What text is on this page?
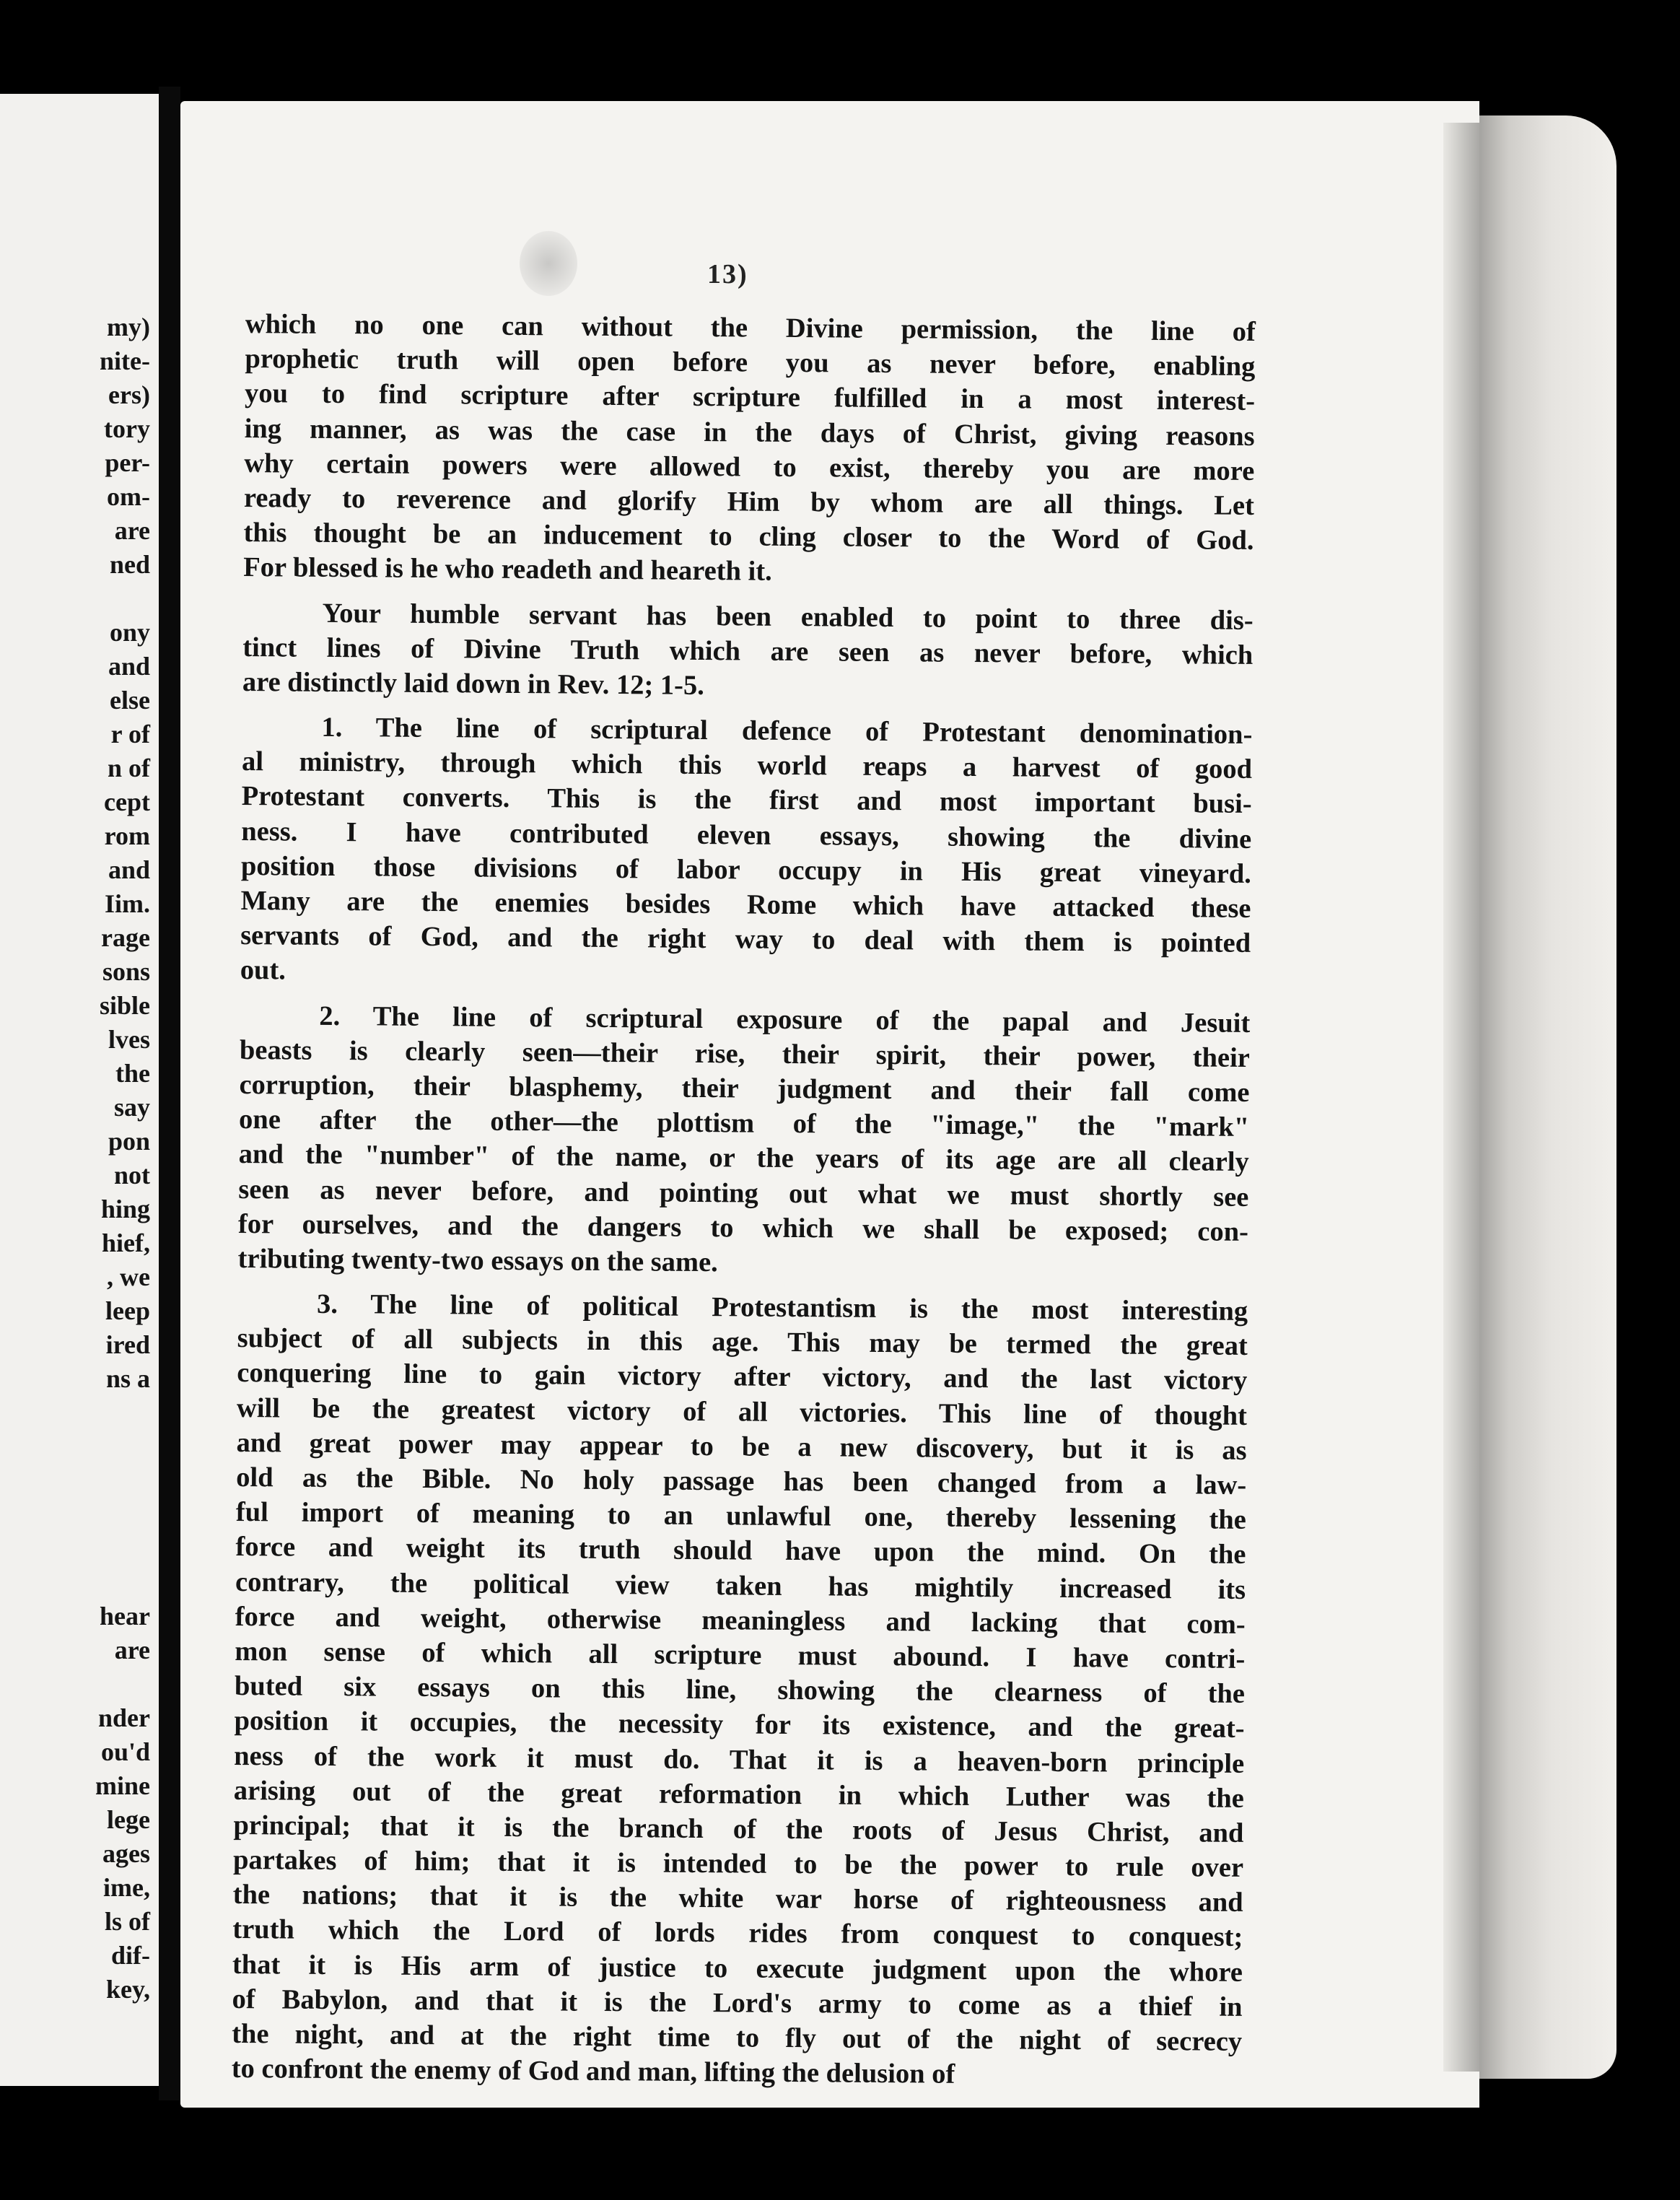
my)
nite-
ers)
tory
per-
om-
are
ned
ony
and
else
r of
n of
cept
rom
and
Iim.
rage
sons
sible
lves
the
say
pon
not
hing
hief,
, we
leep
ired
ns a
hear
are
nder
ou'd
mine
lege
ages
ime,
ls of
dif-
key,
13)
which no one can without the Divine permission, the line of
prophetic truth will open before you as never before, enabling
you to find scripture after scripture fulfilled in a most interest-
ing manner, as was the case in the days of Christ, giving reasons
why certain powers were allowed to exist, thereby you are more
ready to reverence and glorify Him by whom are all things. Let
this thought be an inducement to cling closer to the Word of God.
For blessed is he who readeth and heareth it.
Your humble servant has been enabled to point to three dis-
tinct lines of Divine Truth which are seen as never before, which
are distinctly laid down in Rev. 12; 1-5.
1. The line of scriptural defence of Protestant denomination-
al ministry, through which this world reaps a harvest of good
Protestant converts. This is the first and most important busi-
ness. I have contributed eleven essays, showing the divine
position those divisions of labor occupy in His great vineyard.
Many are the enemies besides Rome which have attacked these
servants of God, and the right way to deal with them is pointed
out.
2. The line of scriptural exposure of the papal and Jesuit
beasts is clearly seen—their rise, their spirit, their power, their
corruption, their blasphemy, their judgment and their fall come
one after the other—the plottism of the "image," the "mark"
and the "number" of the name, or the years of its age are all clearly
seen as never before, and pointing out what we must shortly see
for ourselves, and the dangers to which we shall be exposed; con-
tributing twenty-two essays on the same.
3. The line of political Protestantism is the most interesting
subject of all subjects in this age. This may be termed the great
conquering line to gain victory after victory, and the last victory
will be the greatest victory of all victories. This line of thought
and great power may appear to be a new discovery, but it is as
old as the Bible. No holy passage has been changed from a law-
ful import of meaning to an unlawful one, thereby lessening the
force and weight its truth should have upon the mind. On the
contrary, the political view taken has mightily increased its
force and weight, otherwise meaningless and lacking that com-
mon sense of which all scripture must abound. I have contri-
buted six essays on this line, showing the clearness of the
position it occupies, the necessity for its existence, and the great-
ness of the work it must do. That it is a heaven-born principle
arising out of the great reformation in which Luther was the
principal; that it is the branch of the roots of Jesus Christ, and
partakes of him; that it is intended to be the power to rule over
the nations; that it is the white war horse of righteousness and
truth which the Lord of lords rides from conquest to conquest;
that it is His arm of justice to execute judgment upon the whore
of Babylon, and that it is the Lord's army to come as a thief in
the night, and at the right time to fly out of the night of secrecy
to confront the enemy of God and man, lifting the delusion of
